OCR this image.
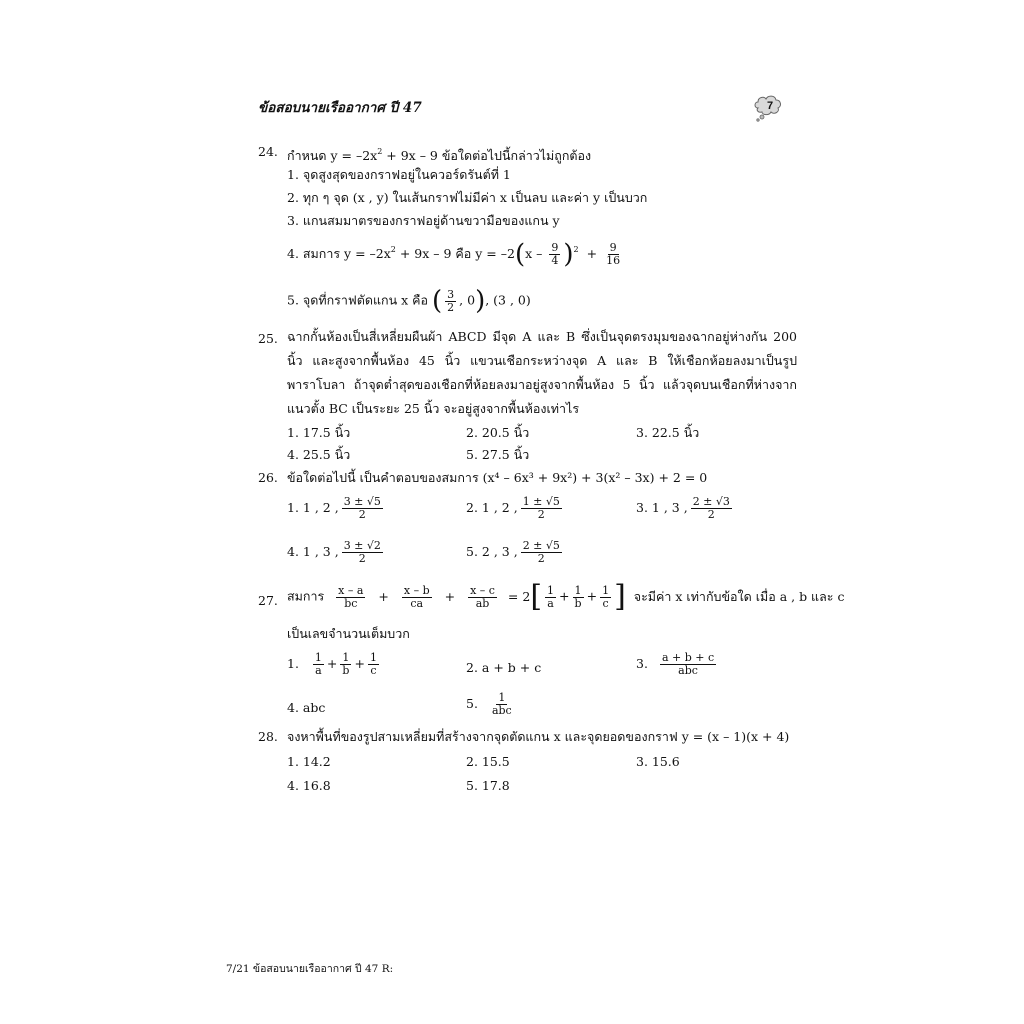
ข้อสอบนายเรืออากาศ ปี 47	7
24. กำหนด $y = -2x^2 + 9x - 9$ ข้อใดต่อไปนี้กล่าวไม่ถูกต้อง
1. จุดสูงสุดของกราฟอยู่ในควอร์ดรันต์ที่ 1
2. ทุก ๆ จุด (x , y) ในเส้นกราฟไม่มีค่า x เป็นลบ และค่า y เป็นบวก
3. แกนสมมาตรของกราฟอยู่ด้านขวามือของแกน y
4. สมการ $y = -2x^2 + 9x - 9$ คือ $y = -2(x - \frac{9}{4} )^2 + \frac{9}{16}$
5. จุดที่กราฟตัดแกน x คือ ( $\frac{3}{2}$ , 0), (3 , 0)
25. ฉากกั้นห้องเป็นสี่เหลี่ยมผืนผ้า ABCD มีจุด A และ B ซึ่งเป็นจุดตรงมุมของฉากอยู่ห่างกัน 200 นิ้ว และสูงจากพื้นห้อง 45 นิ้ว แขวนเชือกระหว่างจุด A และ B ให้เชือกห้อยลงมาเป็นรูปพาราโบลา ถ้าจุดต่ำสุดของเชือกที่ห้อยลงมาอยู่สูงจากพื้นห้อง 5 นิ้ว แล้วจุดบนเชือกที่ห่างจากแนวตั้ง BC เป็นระยะ 25 นิ้ว จะอยู่สูงจากพื้นห้องเท่าไร
1. 17.5 นิ้ว	2. 20.5 นิ้ว	3. 22.5 นิ้ว
4. 25.5 นิ้ว	5. 27.5 นิ้ว
26. ข้อใดต่อไปนี้ เป็นคำตอบของสมการ (x⁴ – 6x³ + 9x²) + 3(x² – 3x) + 2 = 0
1. 1 , 2 , $\frac{3 \pm √5}{2}$	2. 1 , 2 , $\frac{1 \pm √5}{2}$	3. 1 , 3 , $\frac{2 \pm √3}{2}$
4. 1 , 3 , $\frac{3 \pm √2}{2}$	5. 2 , 3 , $\frac{2 \pm √5}{2}$
27. สมการ $\frac{x - a}{bc} + \frac{x - b}{ca} + \frac{x - c}{ab} = 2[ \frac{1}{a} + \frac{1}{b} + \frac{1}{c}$ ] จะมีค่า x เท่ากับข้อใด เมื่อ a , b และ c
เป็นเลขจำนวนเต็มบวก
1. $\frac{1}{a} + \frac{1}{b} + \frac{1}{c}$	2. a + b + c	3. $\frac{a + b + c}{\text{abc}}$
4. abc	5. $\frac{1}{\text{abc}}$
28. จงหาพื้นที่ของรูปสามเหลี่ยมที่สร้างจากจุดตัดแกน x และจุดยอดของกราฟ y = (x – 1)(x + 4)
1. 14.2	2. 15.5	3. 15.6
4. 16.8	5. 17.8
7/21 ข้อสอบนายเรืออากาศ ปี 47 R:
